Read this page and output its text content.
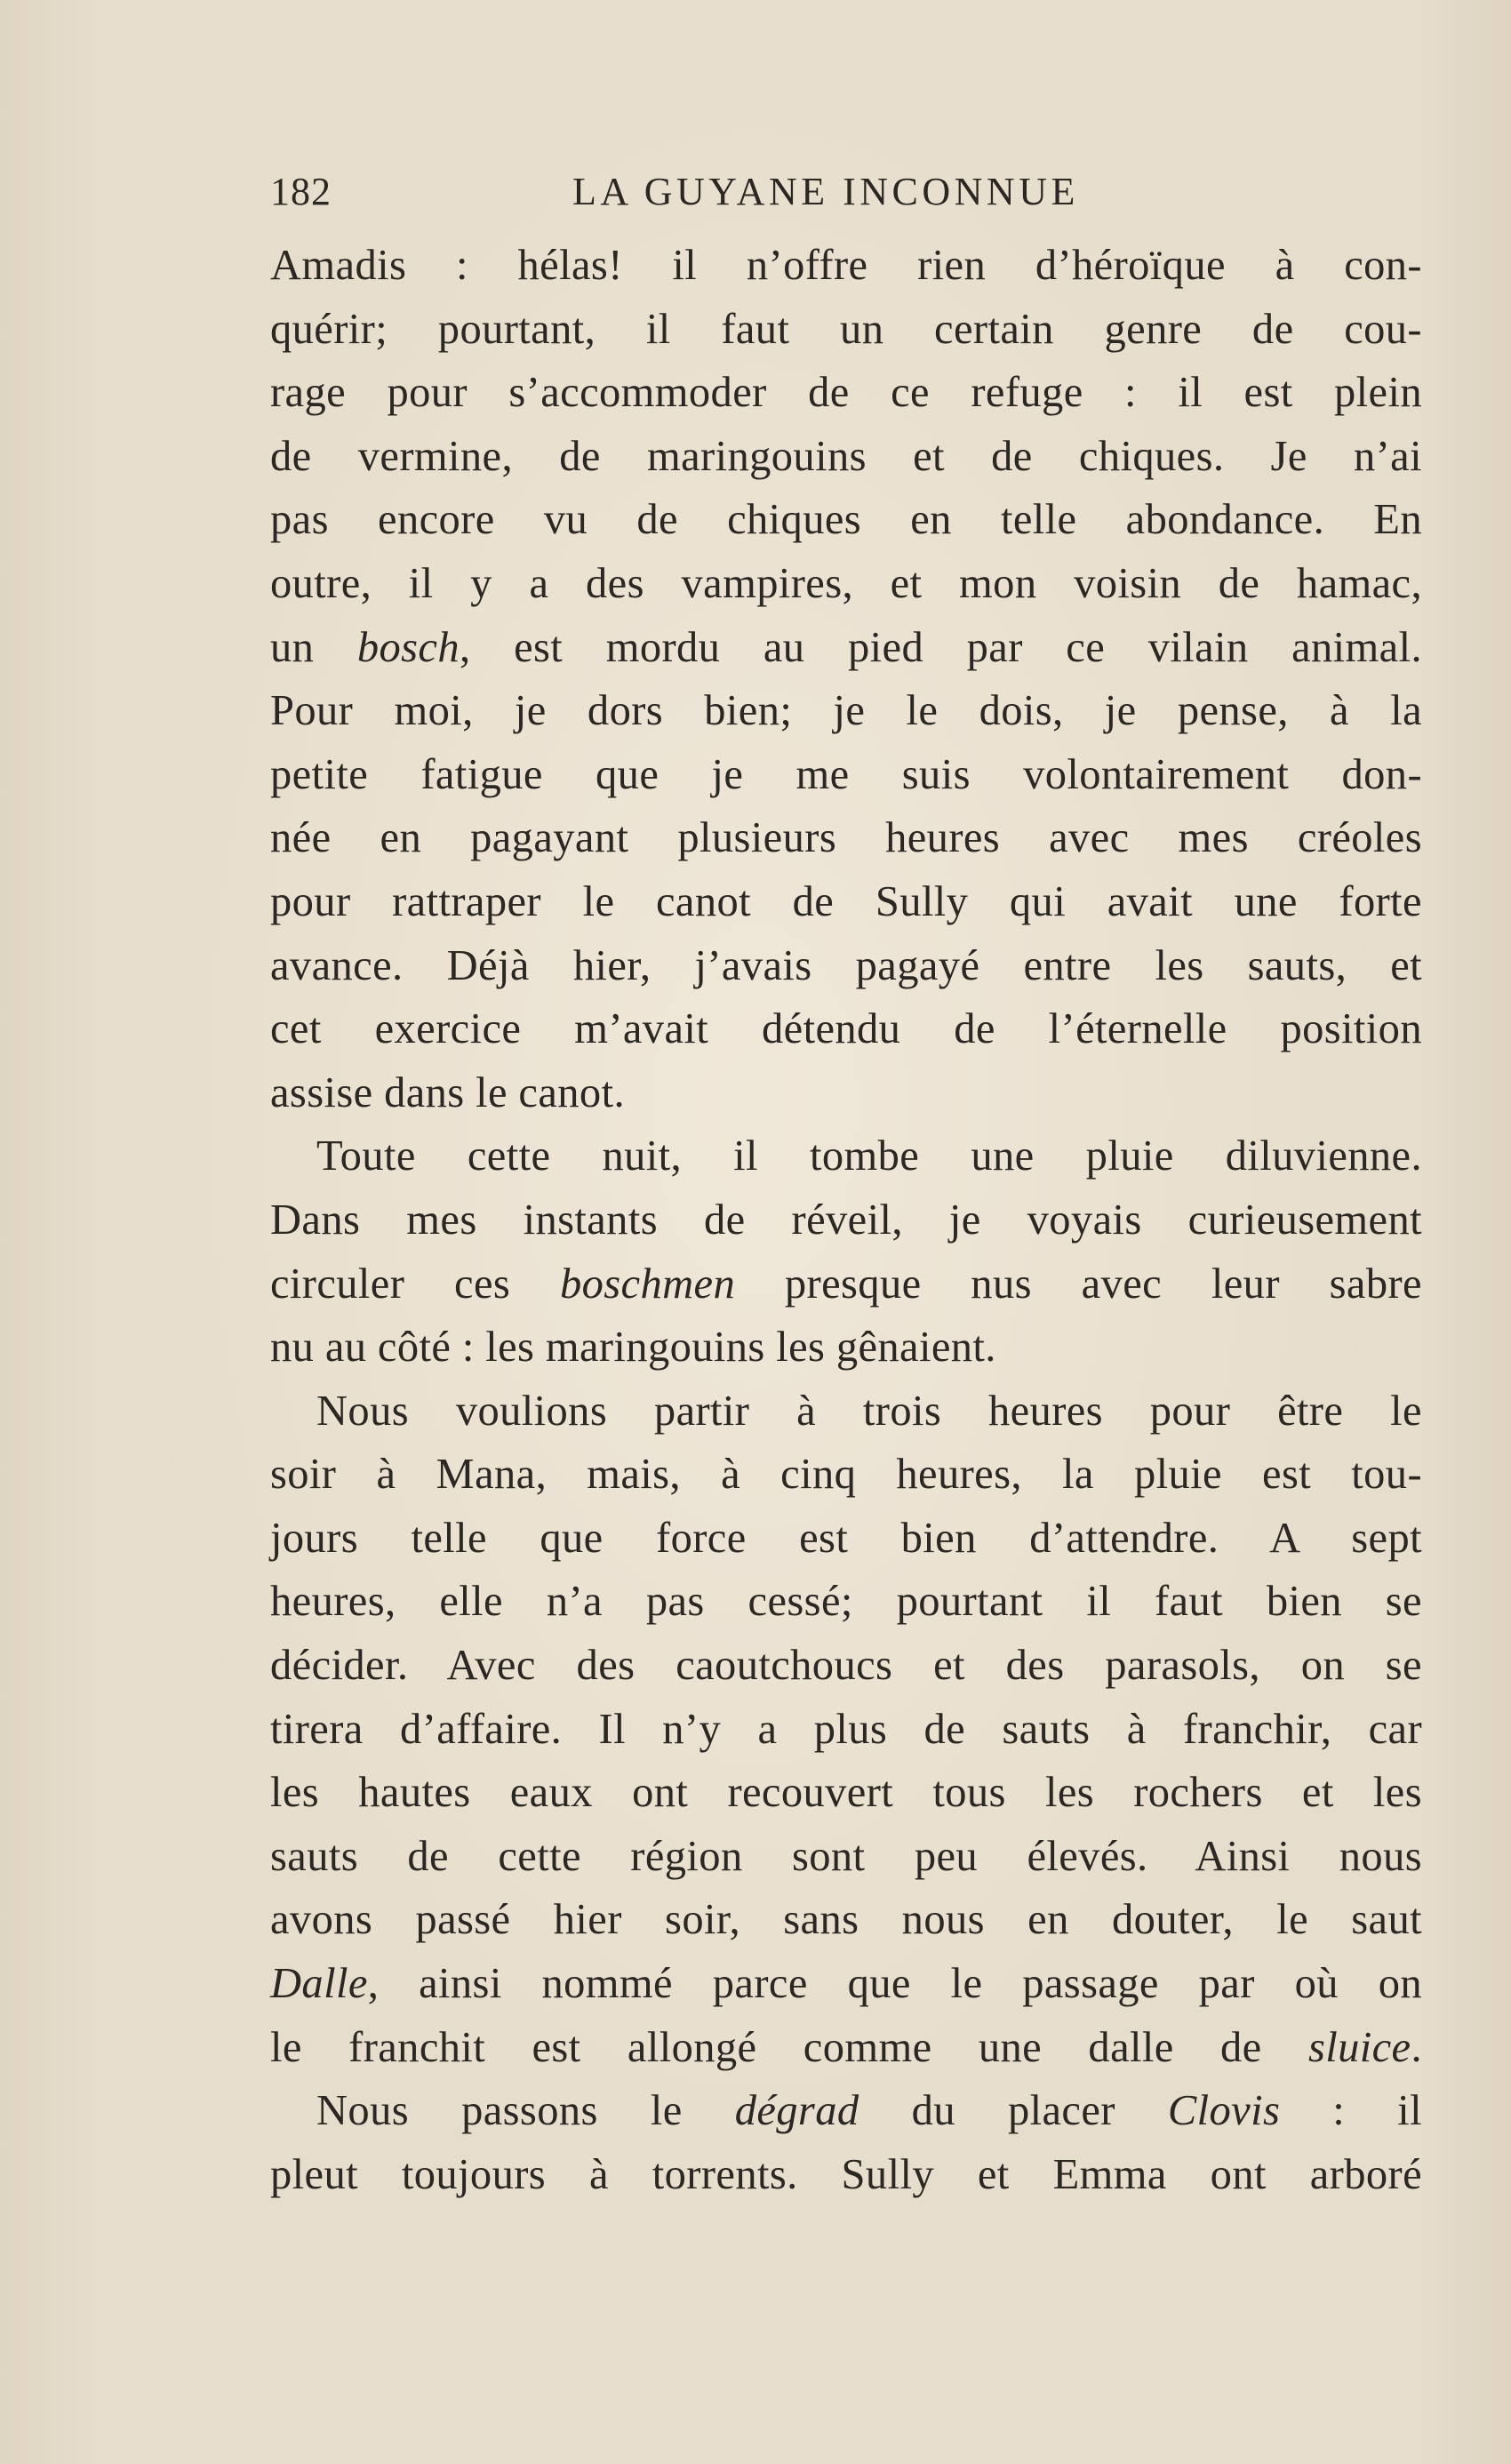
182	LA GUYANE INCONNUE
Amadis : hélas! il n’offre rien d’héroïque à con-
quérir; pourtant, il faut un certain genre de cou-
rage pour s’accommoder de ce refuge : il est plein
de vermine, de maringouins et de chiques. Je n’ai
pas encore vu de chiques en telle abondance. En
outre, il y a des vampires, et mon voisin de hamac,
un bosch, est mordu au pied par ce vilain animal.
Pour moi, je dors bien; je le dois, je pense, à la
petite fatigue que je me suis volontairement don-
née en pagayant plusieurs heures avec mes créoles
pour rattraper le canot de Sully qui avait une forte
avance. Déjà hier, j’avais pagayé entre les sauts, et
cet exercice m’avait détendu de l’éternelle position
assise dans le canot.
Toute cette nuit, il tombe une pluie diluvienne.
Dans mes instants de réveil, je voyais curieusement
circuler ces boschmen presque nus avec leur sabre
nu au côté : les maringouins les gênaient.
Nous voulions partir à trois heures pour être le
soir à Mana, mais, à cinq heures, la pluie est tou-
jours telle que force est bien d’attendre. A sept
heures, elle n’a pas cessé; pourtant il faut bien se
décider. Avec des caoutchoucs et des parasols, on se
tirera d’affaire. Il n’y a plus de sauts à franchir, car
les hautes eaux ont recouvert tous les rochers et les
sauts de cette région sont peu élevés. Ainsi nous
avons passé hier soir, sans nous en douter, le saut
Dalle, ainsi nommé parce que le passage par où on
le franchit est allongé comme une dalle de sluice.
Nous passons le dégrad du placer Clovis : il
pleut toujours à torrents. Sully et Emma ont arboré
